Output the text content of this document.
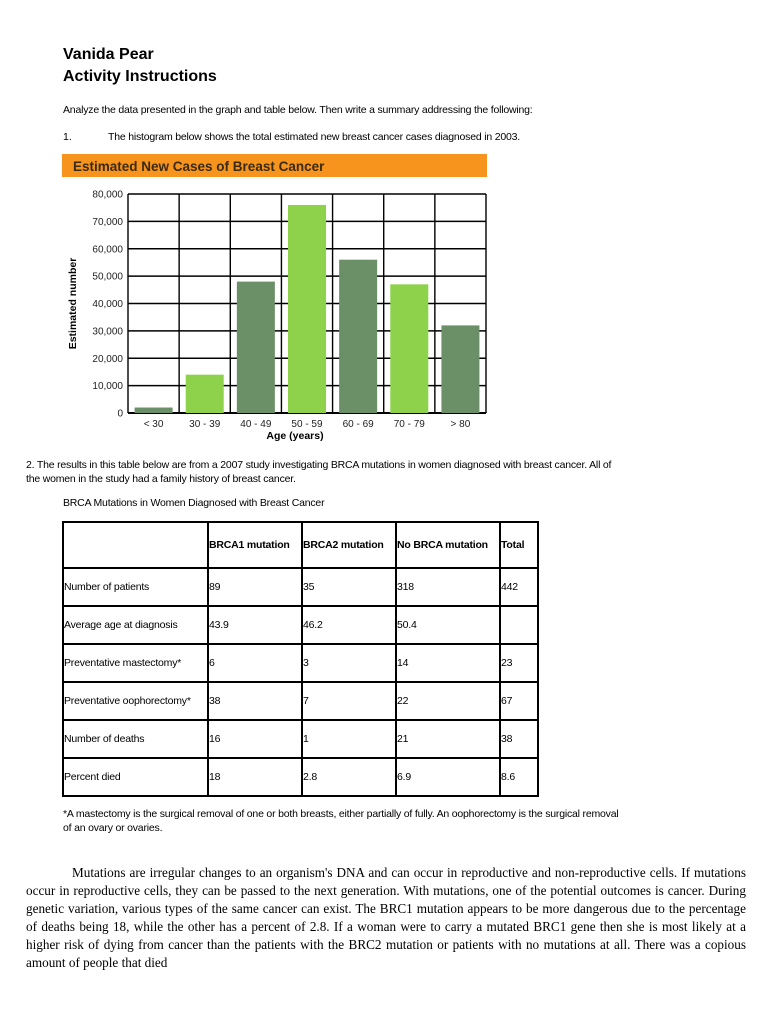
Vanida Pear
Activity Instructions
Analyze the data presented in the graph and table below. Then write a summary addressing the following:
1.	The histogram below shows the total estimated new breast cancer cases diagnosed in 2003.
Estimated New Cases of Breast Cancer
0
10,000
20,000
30,000
40,000
50,000
60,000
70,000
80,000
< 30	30 - 39 40 - 49 50 - 59 60 - 69 70 - 79	> 80
Estimated number
Age (years)
2. The results in this table below are from a 2007 study investigating BRCA mutations in women diagnosed with breast cancer. All of the women in the study had a family history of breast cancer.
BRCA Mutations in Women Diagnosed with Breast Cancer
	BRCA1 mutation	BRCA2 mutation	No BRCA mutation	Total
Number of patients	89	35	318	442
Average age at diagnosis	43.9	46.2	50.4	
Preventative mastectomy*	6	3	14	23
Preventative oophorectomy*	38	7	22	67
Number of deaths	16	1	21	38
Percent died	18	2.8	6.9	8.6
*A mastectomy is the surgical removal of one or both breasts, either partially of fully. An oophorectomy is the surgical removal of an ovary or ovaries.
Mutations are irregular changes to an organism's DNA and can occur in reproductive and non-reproductive cells. If mutations occur in reproductive cells, they can be passed to the next generation. With mutations, one of the potential outcomes is cancer. During genetic variation, various types of the same cancer can exist. The BRC1 mutation appears to be more dangerous due to the percentage of deaths being 18, while the other has a percent of 2.8. If a woman were to carry a mutated BRC1 gene then she is most likely at a higher risk of dying from cancer than the patients with the BRC2 mutation or patients with no mutations at all. There was a copious amount of people that died
